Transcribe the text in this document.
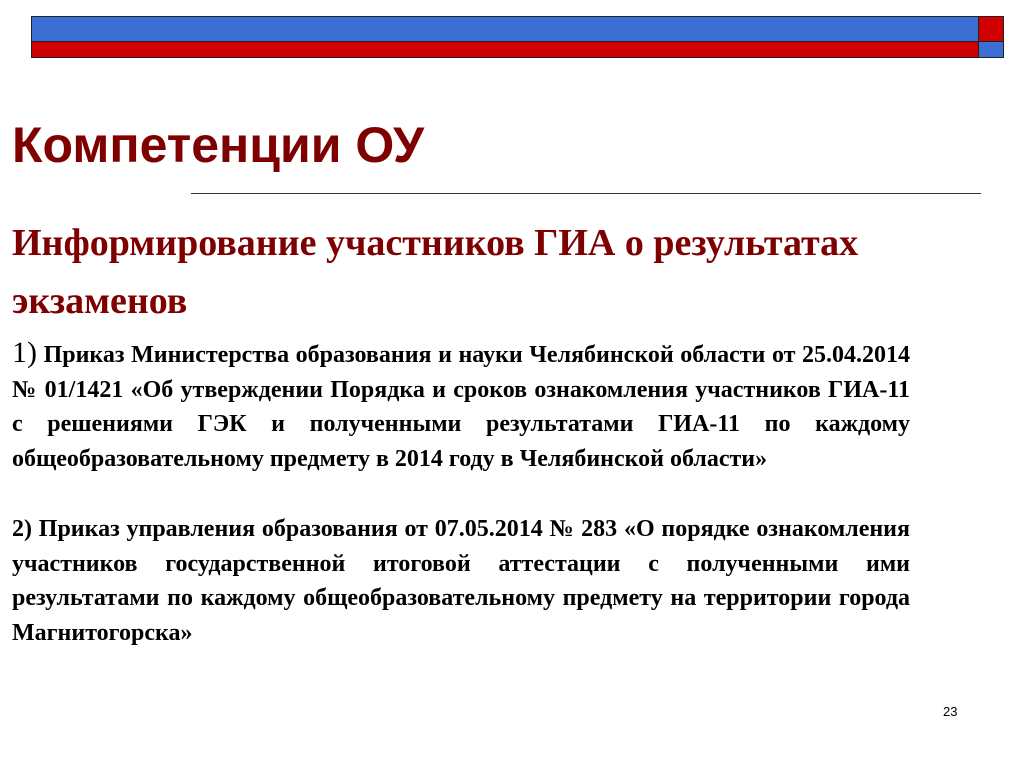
Компетенции ОУ
Информирование участников ГИА о результатах экзаменов

1) Приказ Министерства образования и науки Челябинской области от 25.04.2014 № 01/1421 «Об утверждении Порядка и сроков ознакомления участников ГИА-11 с решениями ГЭК и полученными результатами ГИА-11 по каждому общеобразовательному предмету в 2014 году в Челябинской области»

2) Приказ управления образования от 07.05.2014 № 283 «О порядке ознакомления участников государственной итоговой аттестации с полученными ими результатами по каждому общеобразовательному предмету на территории города Магнитогорска»

23
